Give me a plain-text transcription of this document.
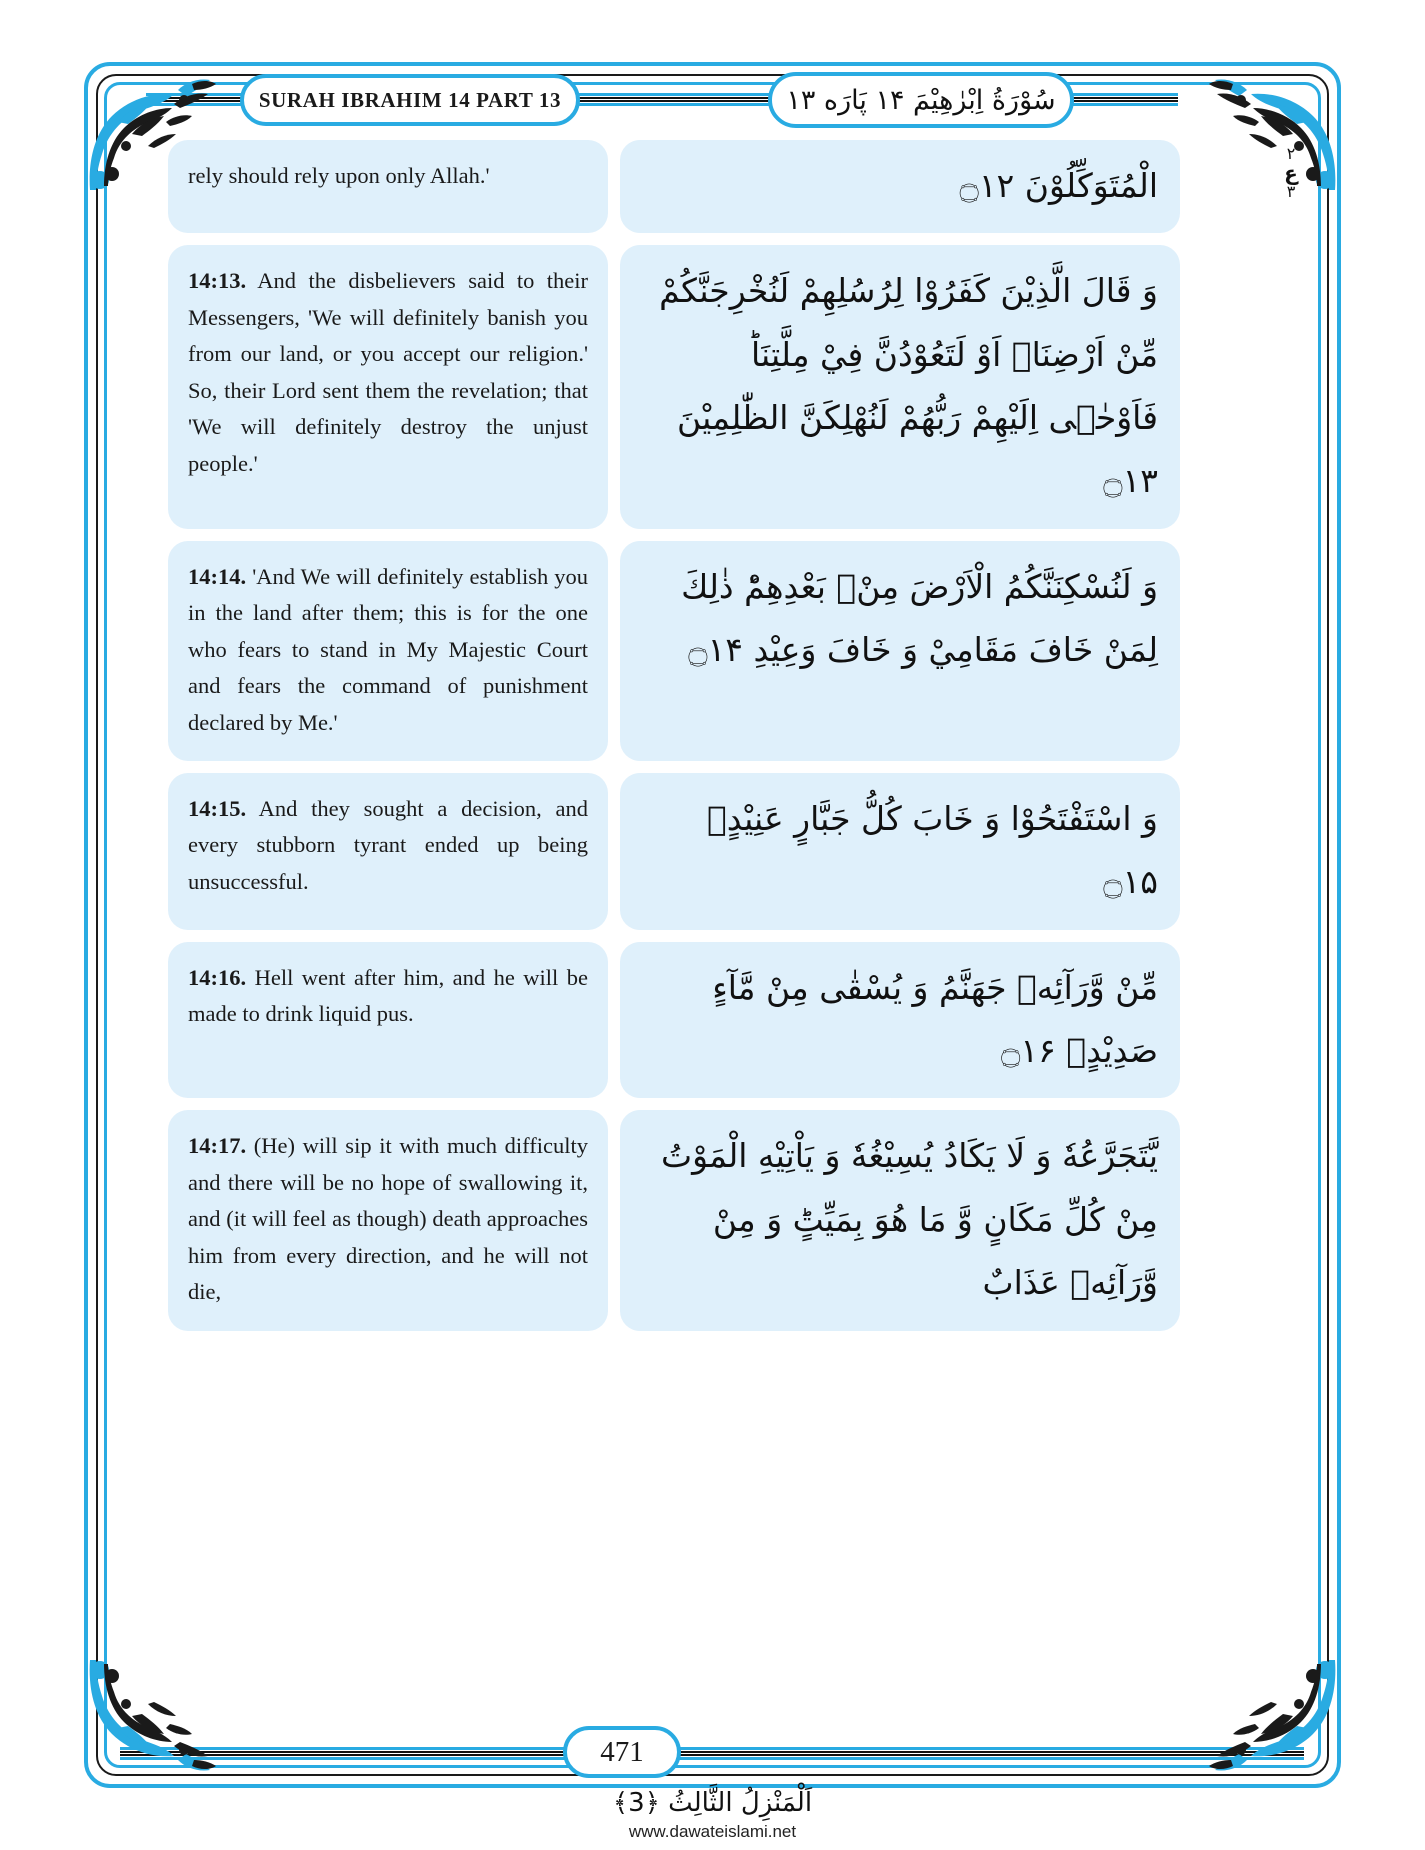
SURAH IBRAHIM 14 PART 13	سُوْرَةُ اِبْرٰهِیْمَ ۱۴ پَارَه ۱۳
٢
ع
٣
rely should rely upon only Allah.'	الْمُتَوَكِّلُوْنَ ۝۱۲
14:13. And the disbelievers said to their Messengers, 'We will definitely banish you from our land, or you accept our religion.' So, their Lord sent them the revelation; that 'We will definitely destroy the unjust people.'
وَ قَالَ الَّذِيْنَ كَفَرُوْا لِرُسُلِهِمْ لَنُخْرِجَنَّكُمْ مِّنْ اَرْضِنَاۤ اَوْ لَتَعُوْدُنَّ فِيْ مِلَّتِنَاؕ فَاَوْحٰۤى اِلَيْهِمْ رَبُّهُمْ لَنُهْلِكَنَّ الظّٰلِمِيْنَ ۝۱۳
14:14. 'And We will definitely establish you in the land after them; this is for the one who fears to stand in My Majestic Court and fears the command of punishment declared by Me.'
وَ لَنُسْكِنَنَّكُمُ الْاَرْضَ مِنْۢ بَعْدِهِمْؕ ذٰلِكَ لِمَنْ خَافَ مَقَامِيْ وَ خَافَ وَعِيْدِ ۝۱۴
14:15. And they sought a decision, and every stubborn tyrant ended up being unsuccessful.
وَ اسْتَفْتَحُوْا وَ خَابَ كُلُّ جَبَّارٍ عَنِيْدٍۙ ۝۱۵
14:16. Hell went after him, and he will be made to drink liquid pus.
مِّنْ وَّرَآئِهٖ جَهَنَّمُ وَ يُسْقٰى مِنْ مَّآءٍ صَدِيْدٍۙ ۝۱۶
14:17. (He) will sip it with much difficulty and there will be no hope of swallowing it, and (it will feel as though) death approaches him from every direction, and he will not die,
يَّتَجَرَّعُهٗ وَ لَا يَكَادُ يُسِيْغُهٗ وَ يَاْتِيْهِ الْمَوْتُ مِنْ كُلِّ مَكَانٍ وَّ مَا هُوَ بِمَيِّتٍؕ وَ مِنْ وَّرَآئِهٖ عَذَابٌ
471
اَلْمَنْزِلُ الثَّالِثُ ﴿3﴾
www.dawateislami.net
